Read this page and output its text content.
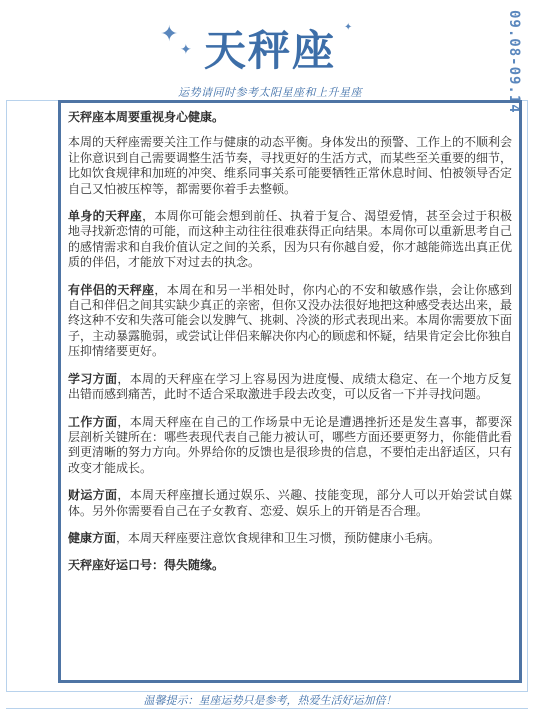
✦
✦
✦
天秤座
运势请同时参考太阳星座和上升星座	09.08-09.14

天秤座本周要重视身心健康。

本周的天秤座需要关注工作与健康的动态平衡。身体发出的预警、工作上的不顺利会让你意识到自己需要调整生活节奏，寻找更好的生活方式，而某些至关重要的细节，比如饮食规律和加班的冲突、维系同事关系可能要牺牲正常休息时间、怕被领导否定自己又怕被压榨等，都需要你着手去整顿。

单身的天秤座，本周你可能会想到前任、执着于复合、渴望爱情，甚至会过于积极地寻找新恋情的可能，而这种主动往往很难获得正向结果。本周你可以重新思考自己的感情需求和自我价值认定之间的关系，因为只有你越自爱，你才越能筛选出真正优质的伴侣，才能放下对过去的执念。

有伴侣的天秤座，本周在和另一半相处时，你内心的不安和敏感作祟，会让你感到自己和伴侣之间其实缺少真正的亲密，但你又没办法很好地把这种感受表达出来，最终这种不安和失落可能会以发脾气、挑刺、冷淡的形式表现出来。本周你需要放下面子，主动暴露脆弱，或尝试让伴侣来解决你内心的顾虑和怀疑，结果肯定会比你独自压抑情绪要更好。

学习方面，本周的天秤座在学习上容易因为进度慢、成绩太稳定、在一个地方反复出错而感到痛苦，此时不适合采取激进手段去改变，可以反省一下并寻找问题。

工作方面，本周天秤座在自己的工作场景中无论是遭遇挫折还是发生喜事，都要深层剖析关键所在：哪些表现代表自己能力被认可，哪些方面还要更努力，你能借此看到更清晰的努力方向。外界给你的反馈也是很珍贵的信息，不要怕走出舒适区，只有改变才能成长。

财运方面，本周天秤座擅长通过娱乐、兴趣、技能变现，部分人可以开始尝试自媒体。另外你需要看自己在子女教育、恋爱、娱乐上的开销是否合理。

健康方面，本周天秤座要注意饮食规律和卫生习惯，预防健康小毛病。

天秤座好运口号：得失随缘。

温馨提示：星座运势只是参考，热爱生活好运加倍！
